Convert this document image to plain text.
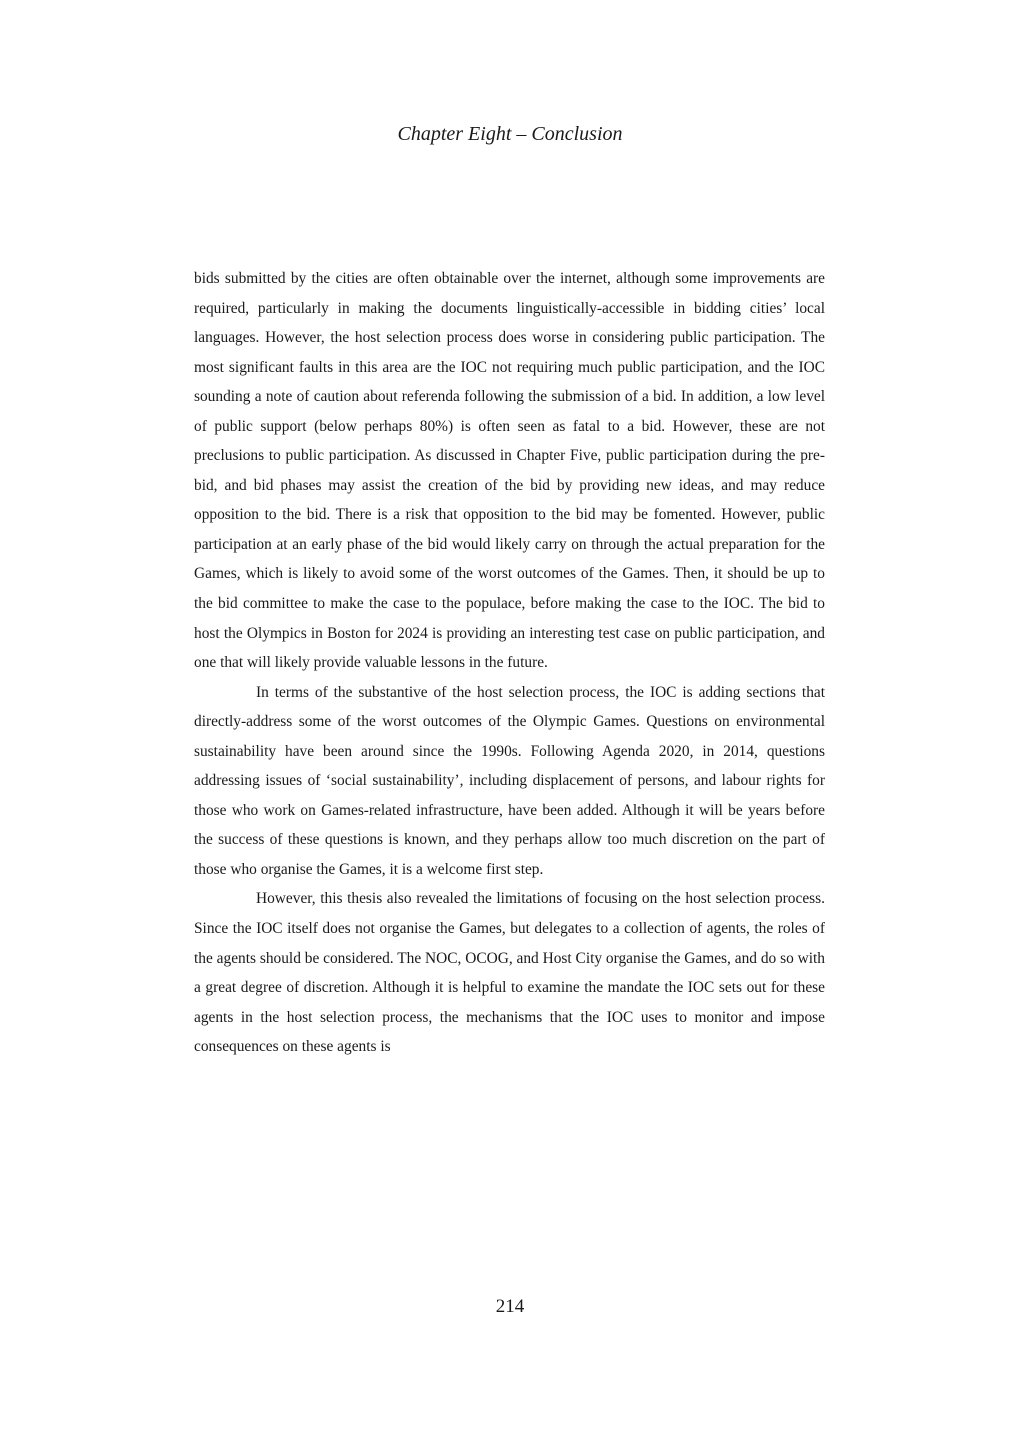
Chapter Eight – Conclusion

bids submitted by the cities are often obtainable over the internet, although some improvements are required, particularly in making the documents linguistically-accessible in bidding cities’ local languages. However, the host selection process does worse in considering public participation. The most significant faults in this area are the IOC not requiring much public participation, and the IOC sounding a note of caution about referenda following the submission of a bid. In addition, a low level of public support (below perhaps 80%) is often seen as fatal to a bid. However, these are not preclusions to public participation. As discussed in Chapter Five, public participation during the pre-bid, and bid phases may assist the creation of the bid by providing new ideas, and may reduce opposition to the bid. There is a risk that opposition to the bid may be fomented. However, public participation at an early phase of the bid would likely carry on through the actual preparation for the Games, which is likely to avoid some of the worst outcomes of the Games. Then, it should be up to the bid committee to make the case to the populace, before making the case to the IOC. The bid to host the Olympics in Boston for 2024 is providing an interesting test case on public participation, and one that will likely provide valuable lessons in the future.

In terms of the substantive of the host selection process, the IOC is adding sections that directly-address some of the worst outcomes of the Olympic Games. Questions on environmental sustainability have been around since the 1990s. Following Agenda 2020, in 2014, questions addressing issues of ‘social sustainability’, including displacement of persons, and labour rights for those who work on Games-related infrastructure, have been added. Although it will be years before the success of these questions is known, and they perhaps allow too much discretion on the part of those who organise the Games, it is a welcome first step.

However, this thesis also revealed the limitations of focusing on the host selection process. Since the IOC itself does not organise the Games, but delegates to a collection of agents, the roles of the agents should be considered. The NOC, OCOG, and Host City organise the Games, and do so with a great degree of discretion. Although it is helpful to examine the mandate the IOC sets out for these agents in the host selection process, the mechanisms that the IOC uses to monitor and impose consequences on these agents is

214
